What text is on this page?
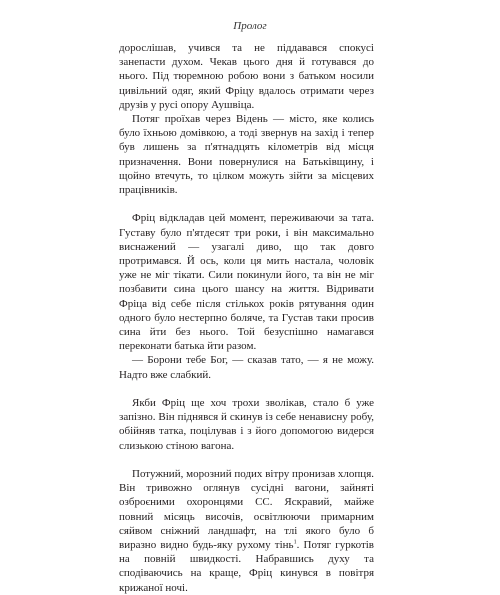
Пролог

дорослішав, учився та не піддавався спокусі занепасти духом. Чекав цього дня й готувався до нього. Під тюремною робою вони з батьком носили цивільний одяг, який Фріцу вдалось отримати через друзів у русі опору Аушвіца.

Потяг проїхав через Відень — місто, яке колись було їхньою домівкою, а тоді звернув на захід і тепер був лишень за п'ятнадцять кілометрів від місця призначення. Вони повернулися на Батьківщину, і щойно втечуть, то цілком можуть зійти за місцевих працівників.

Фріц відкладав цей момент, переживаючи за тата. Густаву було п'ятдесят три роки, і він максимально виснажений — узагалі диво, що так довго протримався. Й ось, коли ця мить настала, чоловік уже не міг тікати. Сили покинули його, та він не міг позбавити сина цього шансу на життя. Відривати Фріца від себе після стількох років рятування один одного було нестерпно боляче, та Густав таки просив сина йти без нього. Той безуспішно намагався переконати батька йти разом.

— Борони тебе Бог, — сказав тато, — я не можу. Надто вже слабкий.

Якби Фріц ще хоч трохи зволікав, стало б уже запізно. Він піднявся й скинув із себе ненависну робу, обійняв татка, поцілував і з його допомогою видерся слизькою стіною вагона.

Потужний, морозний подих вітру пронизав хлопця. Він тривожно оглянув сусідні вагони, зайняті озброєними охоронцями СС. Яскравий, майже повний місяць височів, освітлюючи примарним сяйвом сніжний ландшафт, на тлі якого було б виразно видно будь-яку рухому тінь$^1$. Потяг гуркотів на повній швидкості. Набравшись духу та сподіваючись на краще, Фріц кинувся в повітря крижаної ночі.
